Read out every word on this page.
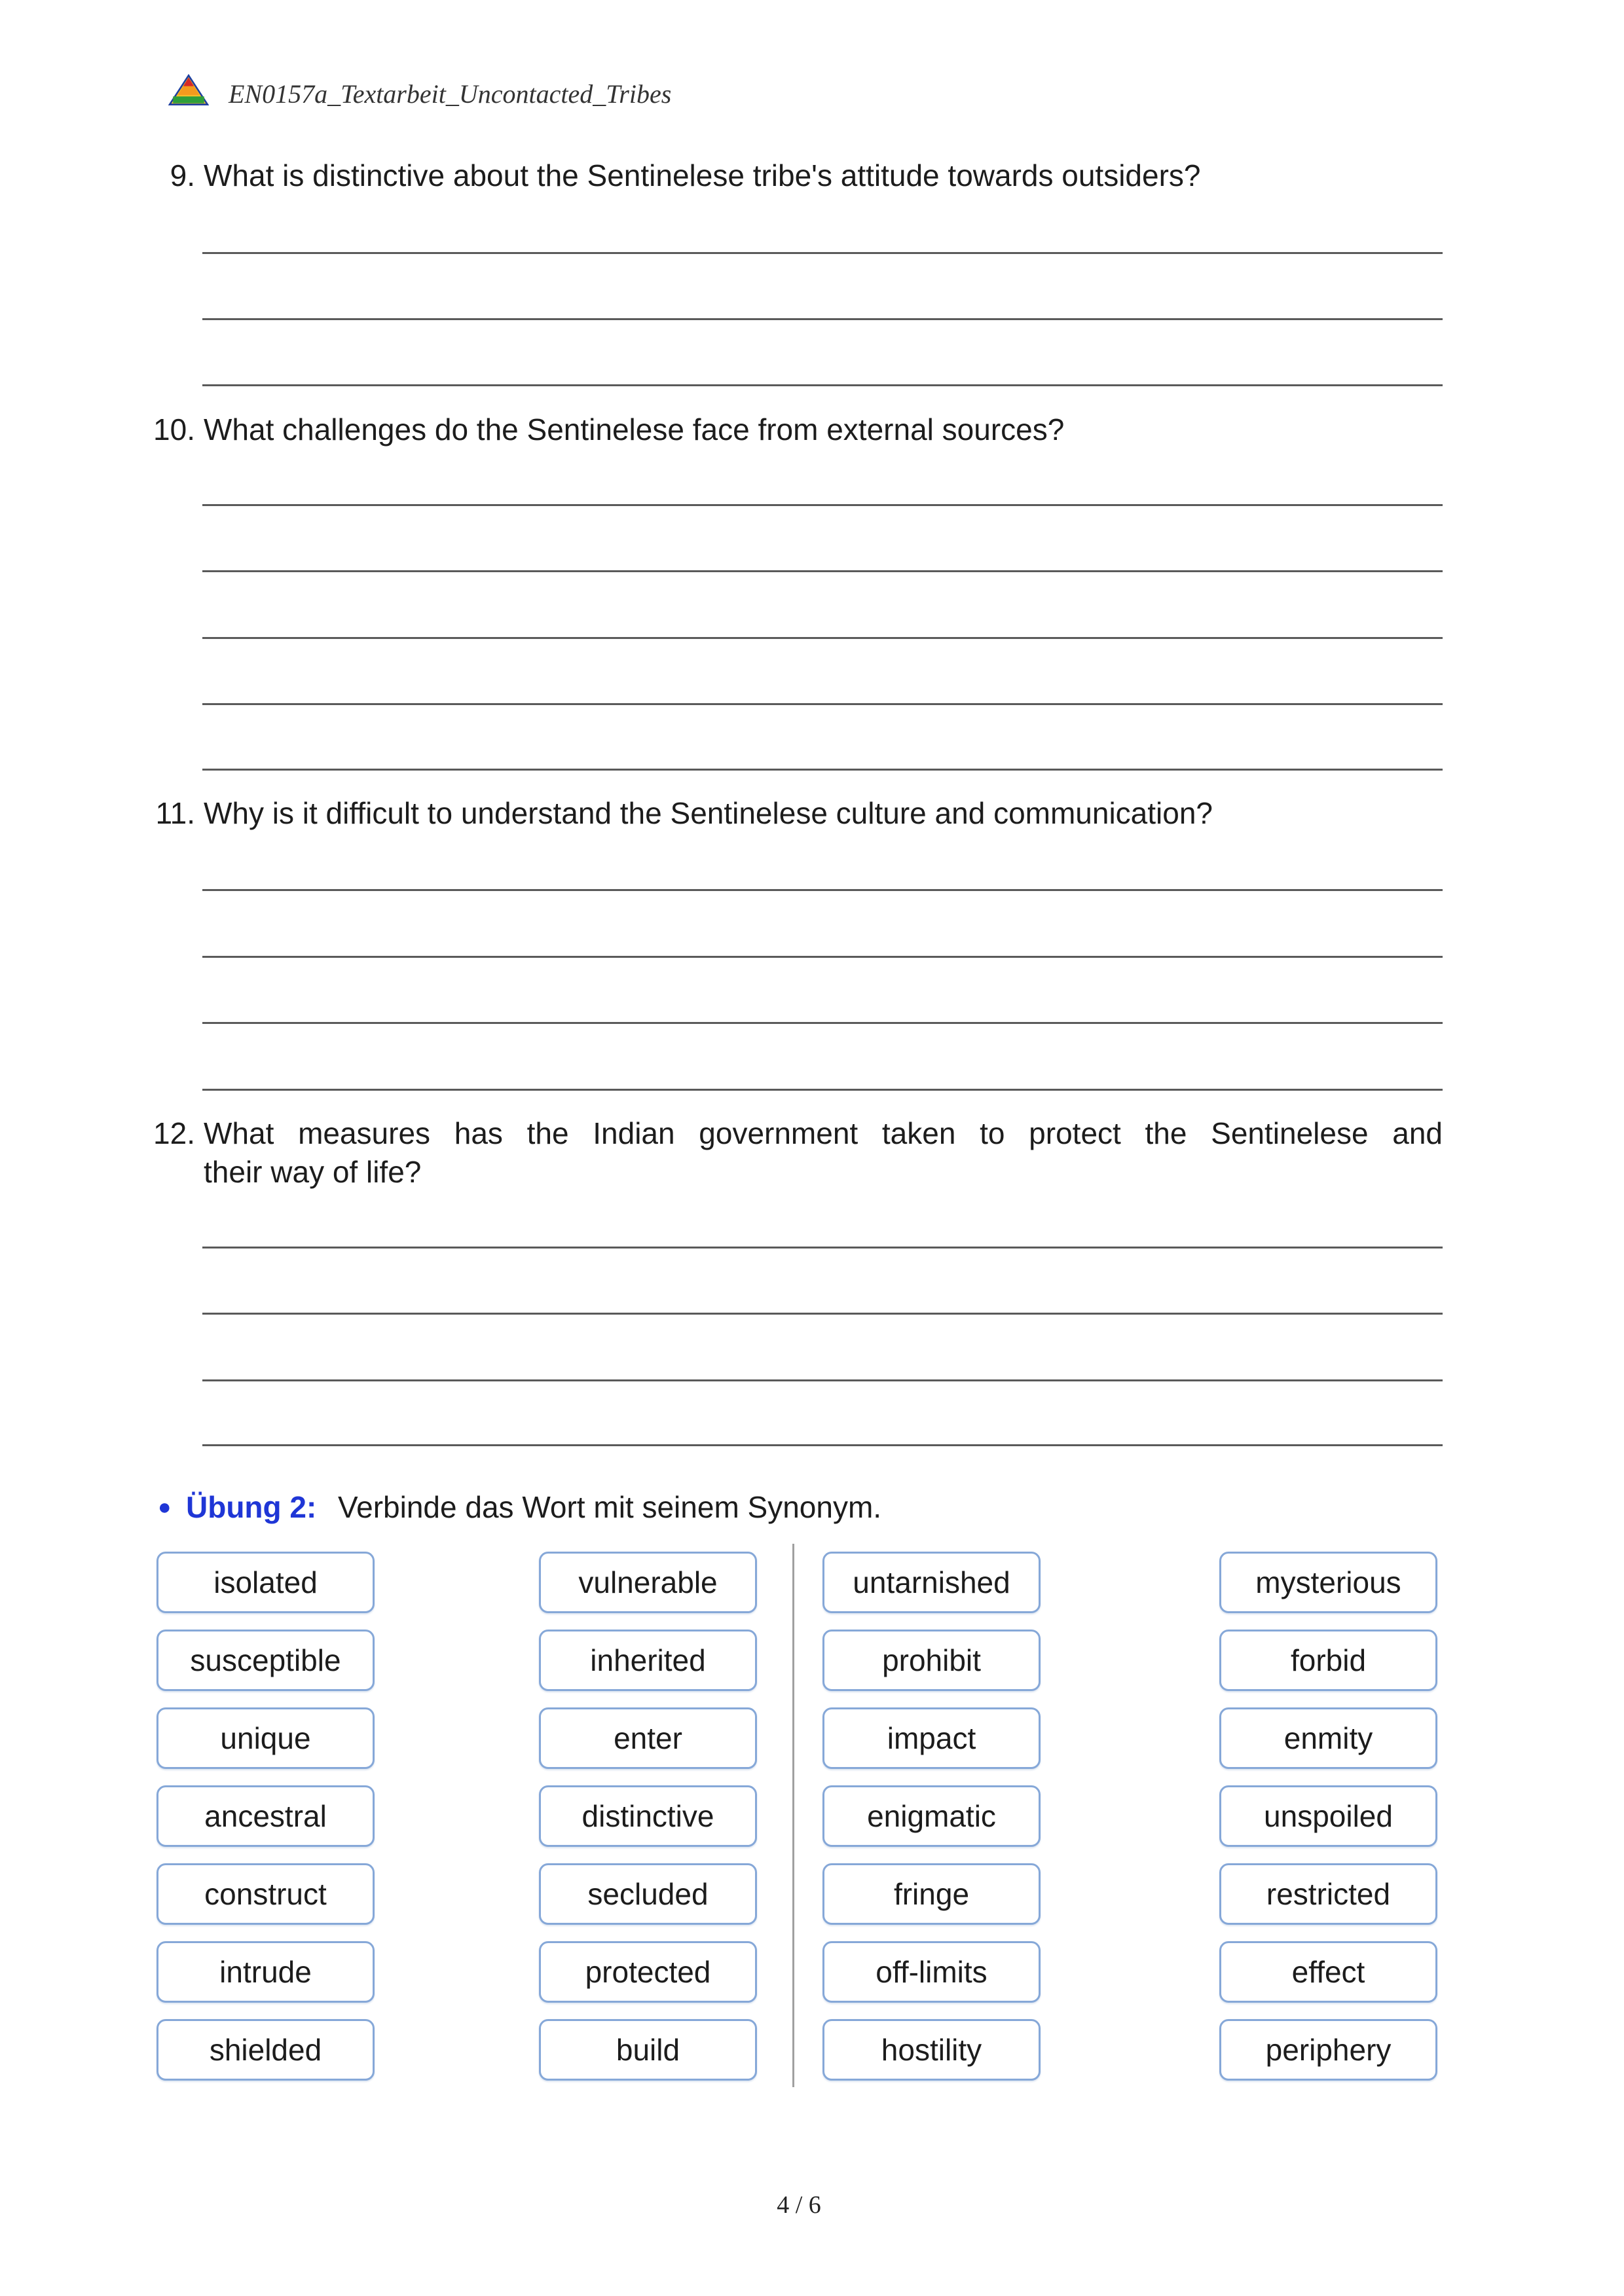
EN0157a_Textarbeit_Uncontacted_Tribes
9. What is distinctive about the Sentinelese tribe's attitude towards outsiders?
10. What challenges do the Sentinelese face from external sources?
11. Why is it difficult to understand the Sentinelese culture and communication?
12. What measures has the Indian government taken to protect the Sentinelese and
their way of life?
● Übung 2: Verbinde das Wort mit seinem Synonym.
isolated
susceptible
unique
ancestral
construct
intrude
shielded
vulnerable
inherited
enter
distinctive
secluded
protected
build
untarnished
prohibit
impact
enigmatic
fringe
off-limits
hostility
mysterious
forbid
enmity
unspoiled
restricted
effect
periphery
4 / 6
